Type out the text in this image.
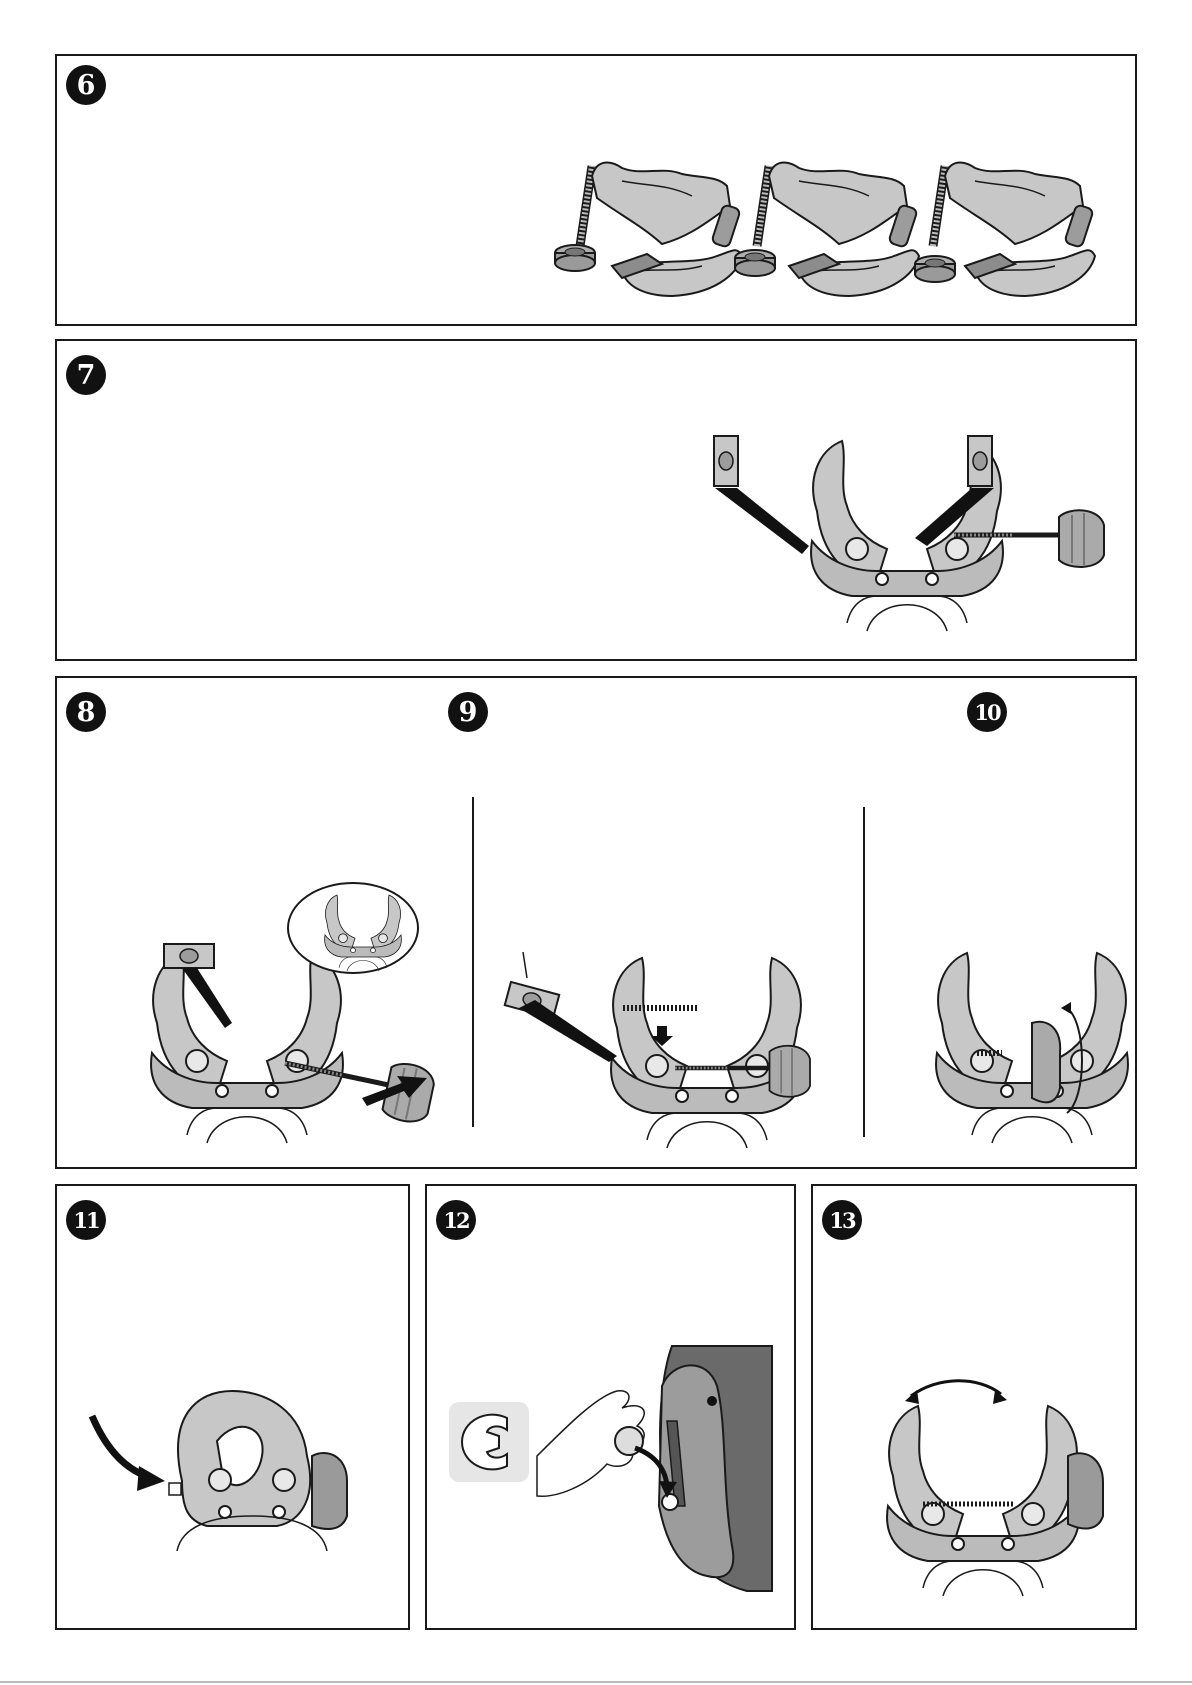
6
7
8	9	10
11	12	13
